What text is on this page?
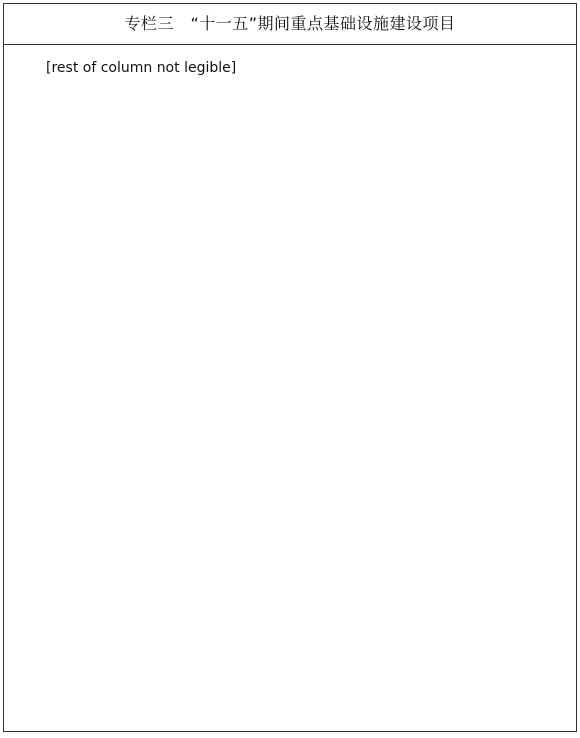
专栏三　“十一五”期间重点基础设施建设项目
[rest of column not legible]
